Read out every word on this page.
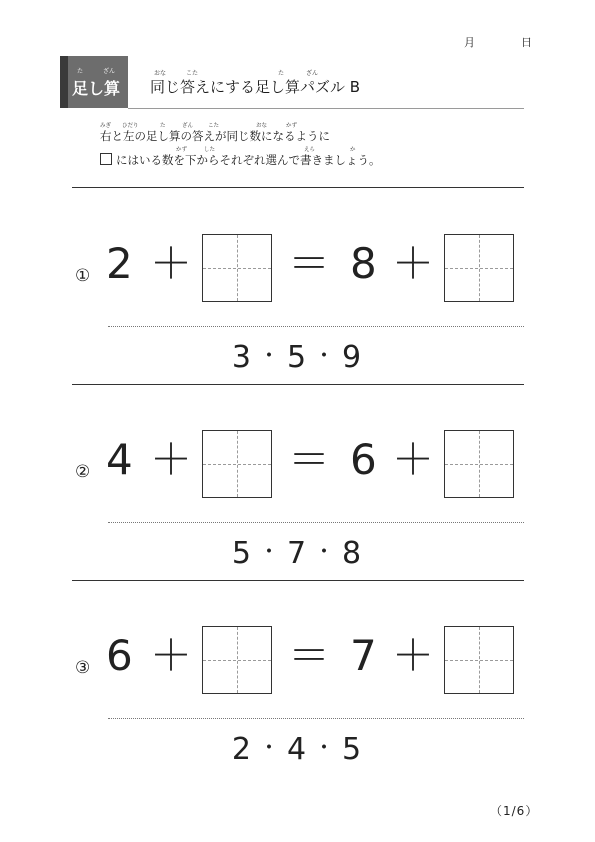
月	日
た	ざん
足し算
おな	こた	た	ざん
同じ答えにする足し算パズル B
みぎ ひだり	た	ざん	こた	おな	かず
右と左の足し算の答えが同じ数になるように
かず	した	えら	か
にはいる数を下からそれぞれ選んで書きましょう。
① 2 ＋ ＝ 8 ＋
3 ・ 5 ・ 9
② 4 ＋ ＝ 6 ＋
5 ・ 7 ・ 8
③ 6 ＋ ＝ 7 ＋
2 ・ 4 ・ 5
（1/6）
